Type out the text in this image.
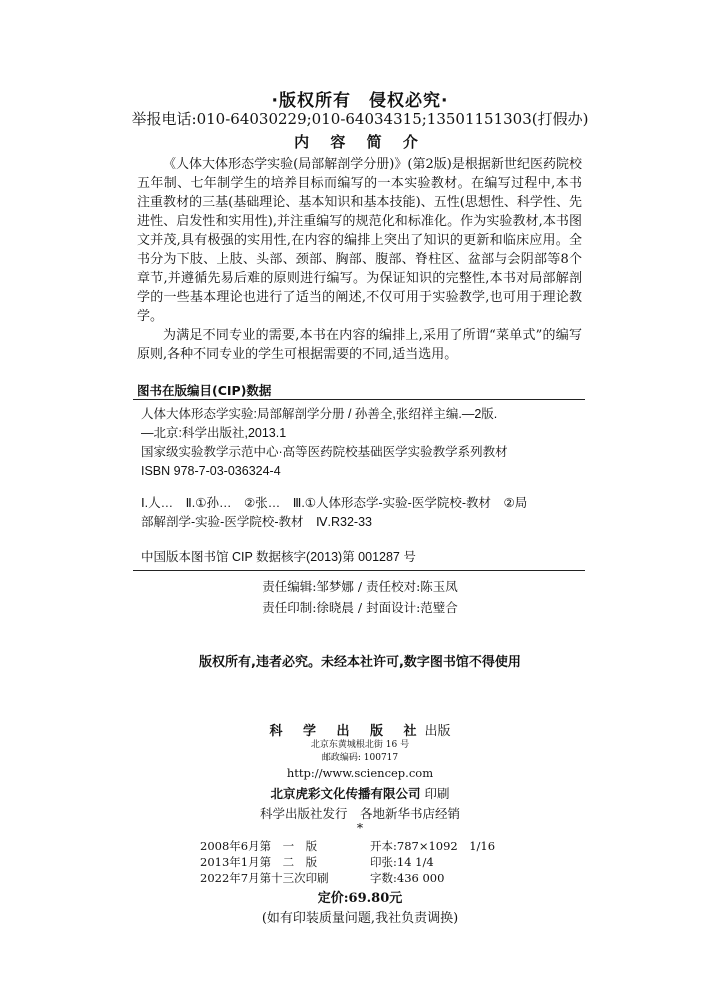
·版权所有　侵权必究·
举报电话:010-64030229;010-64034315;13501151303(打假办)
内 容 简 介

《人体大体形态学实验(局部解剖学分册)》(第2版)是根据新世纪医药院校五年制、七年制学生的培养目标而编写的一本实验教材。在编写过程中,本书注重教材的三基(基础理论、基本知识和基本技能)、五性(思想性、科学性、先进性、启发性和实用性),并注重编写的规范化和标准化。作为实验教材,本书图文并茂,具有极强的实用性,在内容的编排上突出了知识的更新和临床应用。全书分为下肢、上肢、头部、颈部、胸部、腹部、脊柱区、盆部与会阴部等8个章节,并遵循先易后难的原则进行编写。为保证知识的完整性,本书对局部解剖学的一些基本理论也进行了适当的阐述,不仅可用于实验教学,也可用于理论教学。

为满足不同专业的需要,本书在内容的编排上,采用了所谓“菜单式”的编写原则,各种不同专业的学生可根据需要的不同,适当选用。

图书在版编目(CIP)数据
人体大体形态学实验:局部解剖学分册 / 孙善全,张绍祥主编.—2版.
—北京:科学出版社,2013.1
国家级实验教学示范中心·高等医药院校基础医学实验教学系列教材
ISBN 978-7-03-036324-4
Ⅰ.人…　Ⅱ.①孙…　②张…　Ⅲ.①人体形态学-实验-医学院校-教材　②局
部解剖学-实验-医学院校-教材　Ⅳ.R32-33
中国版本图书馆 CIP 数据核字(2013)第 001287 号
责任编辑:邹梦娜 / 责任校对:陈玉凤
责任印制:徐晓晨 / 封面设计:范璧合
版权所有,违者必究。未经本社许可,数字图书馆不得使用
科 学 出 版 社出版
北京东黄城根北街 16 号
邮政编码: 100717
http://www.sciencep.com
北京虎彩文化传播有限公司 印刷
科学出版社发行　各地新华书店经销
*
2008年6月第　一　版	开本:787×1092　1/16
2013年1月第　二　版	印张:14 1/4
2022年7月第十三次印刷	字数:436 000
定价:69.80元
(如有印装质量问题,我社负责调换)
